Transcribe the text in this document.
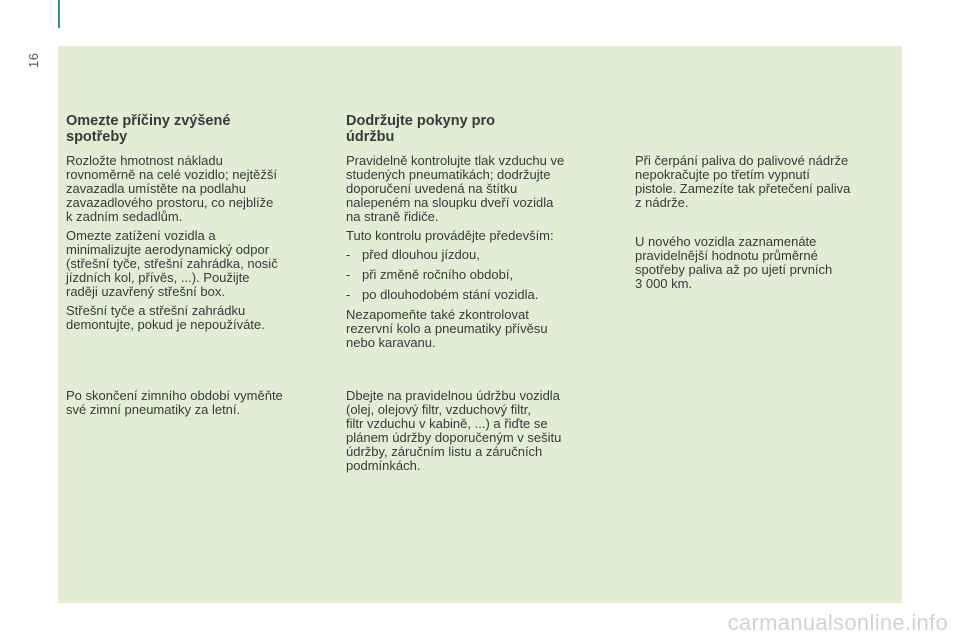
16
Omezte příčiny zvýšené
spotřeby

Rozložte hmotnost nákladu
rovnoměrně na celé vozidlo; nejtěžší
zavazadla umístěte na podlahu
zavazadlového prostoru, co nejblíže
k zadním sedadlům.

Omezte zatížení vozidla a
minimalizujte aerodynamický odpor
(střešní tyče, střešní zahrádka, nosič
jízdních kol, přívěs, ...). Použijte
raději uzavřený střešní box.

Střešní tyče a střešní zahrádku
demontujte, pokud je nepoužíváte.

Po skončení zimního období vyměňte
své zimní pneumatiky za letní.

Dodržujte pokyny pro
údržbu

Pravidelně kontrolujte tlak vzduchu ve
studených pneumatikách; dodržujte
doporučení uvedená na štítku
nalepeném na sloupku dveří vozidla
na straně řidiče.

Tuto kontrolu provádějte především:

- před dlouhou jízdou,
- při změně ročního období,
- po dlouhodobém stání vozidla.

Nezapomeňte také zkontrolovat
rezervní kolo a pneumatiky přívěsu
nebo karavanu.

Dbejte na pravidelnou údržbu vozidla
(olej, olejový filtr, vzduchový filtr,
filtr vzduchu v kabině, ...) a řiďte se
plánem údržby doporučeným v sešitu
údržby, záručním listu a záručních
podmínkách.

Při čerpání paliva do palivové nádrže
nepokračujte po třetím vypnutí
pistole. Zamezíte tak přetečení paliva
z nádrže.

U nového vozidla zaznamenáte
pravidelnější hodnotu průměrné
spotřeby paliva až po ujetí prvních
3 000 km.

carmanualsonline.info
